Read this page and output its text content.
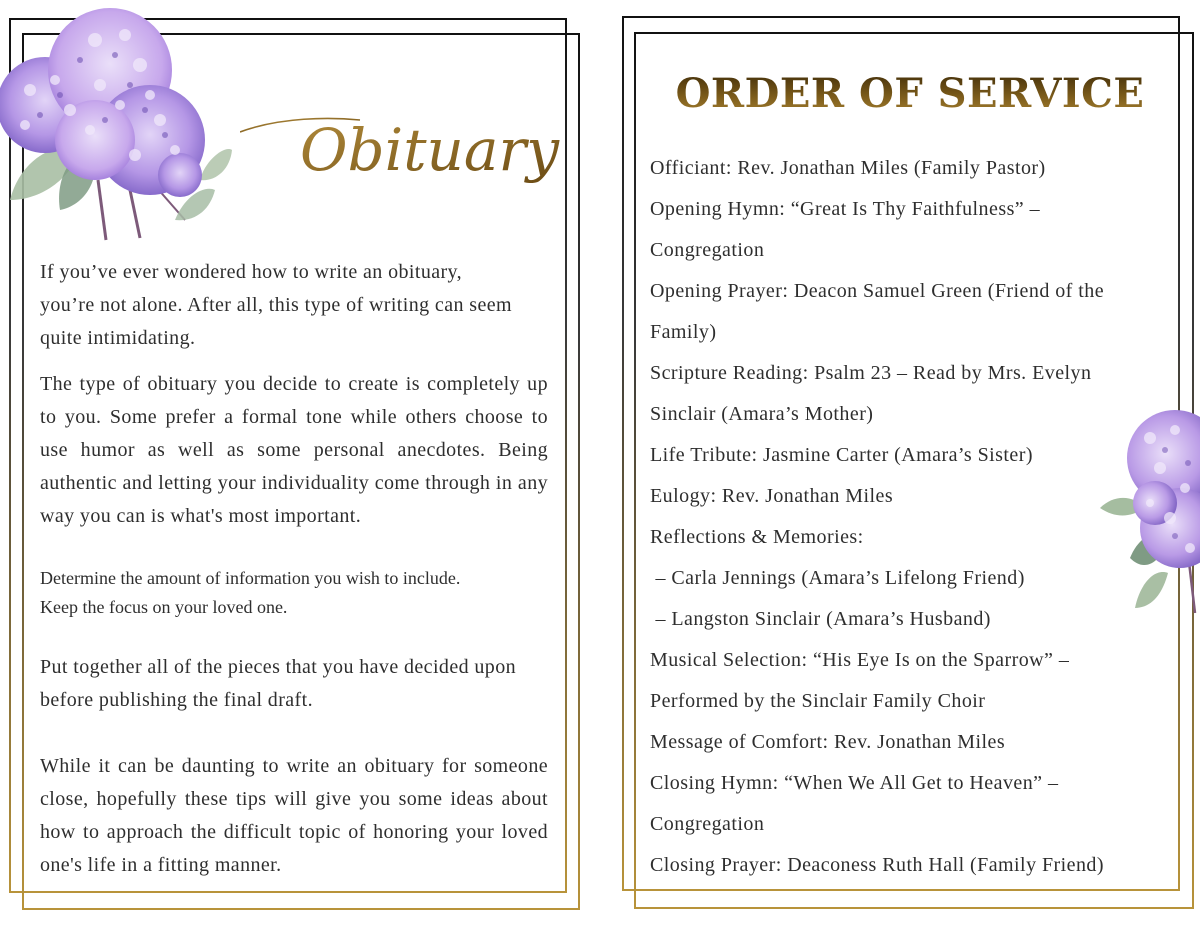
Obituary
If you’ve ever wondered how to write an obituary,
you’re not alone. After all, this type of writing can seem
quite intimidating.
The type of obituary you decide to create is completely up to you. Some prefer a formal tone while others choose to use humor as well as some personal anecdotes. Being authentic and letting your individuality come through in any way you can is what's most important.
Determine the amount of information you wish to include.
Keep the focus on your loved one.
Put together all of the pieces that you have decided upon
before publishing the final draft.
While it can be daunting to write an obituary for someone close, hopefully these tips will give you some ideas about how to approach the difficult topic of honoring your loved one's life in a fitting manner.
ORDER OF SERVICE
Officiant: Rev. Jonathan Miles (Family Pastor)
Opening Hymn: “Great Is Thy Faithfulness” –
Congregation
Opening Prayer: Deacon Samuel Green (Friend of the
Family)
Scripture Reading: Psalm 23 – Read by Mrs. Evelyn
Sinclair (Amara’s Mother)
Life Tribute: Jasmine Carter (Amara’s Sister)
Eulogy: Rev. Jonathan Miles
Reflections & Memories:
– Carla Jennings (Amara’s Lifelong Friend)
– Langston Sinclair (Amara’s Husband)
Musical Selection: “His Eye Is on the Sparrow” –
Performed by the Sinclair Family Choir
Message of Comfort: Rev. Jonathan Miles
Closing Hymn: “When We All Get to Heaven” –
Congregation
Closing Prayer: Deaconess Ruth Hall (Family Friend)
